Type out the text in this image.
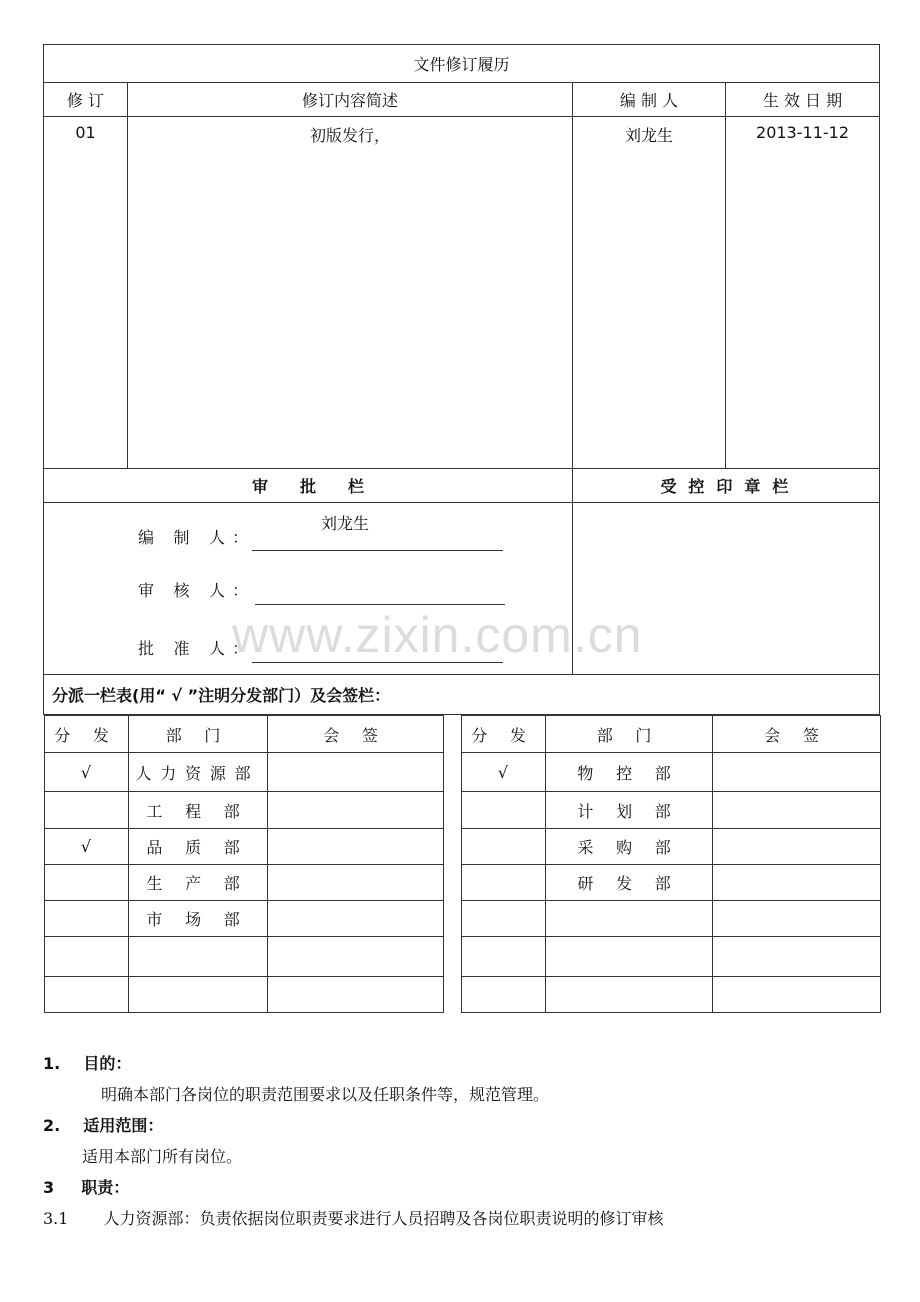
文件修订履历
修 订	修订内容简述	编 制 人	生 效 日 期
01	初版发行，	刘龙生	2013-11-12
审　　批　　栏	受 控 印 章 栏

编 制 人：
刘龙生
审 核 人：
批 准 人：

分派一栏表(用“ √ ”注明分发部门）及会签栏：

分 发	部 门	会 签		分 发	部 门	会 签
√	人力资源部			√	物 控 部	
	工 程 部				计 划 部	
√	品 质 部				采 购 部	
	生 产 部				研 发 部	
	市 场 部					

www.zixin.com.cn
1. 目的：
明确本部门各岗位的职责范围要求以及任职条件等，规范管理。
2. 适用范围：
适用本部门所有岗位。
3 职责：
3.1 人力资源部：负责依据岗位职责要求进行人员招聘及各岗位职责说明的修订审核
